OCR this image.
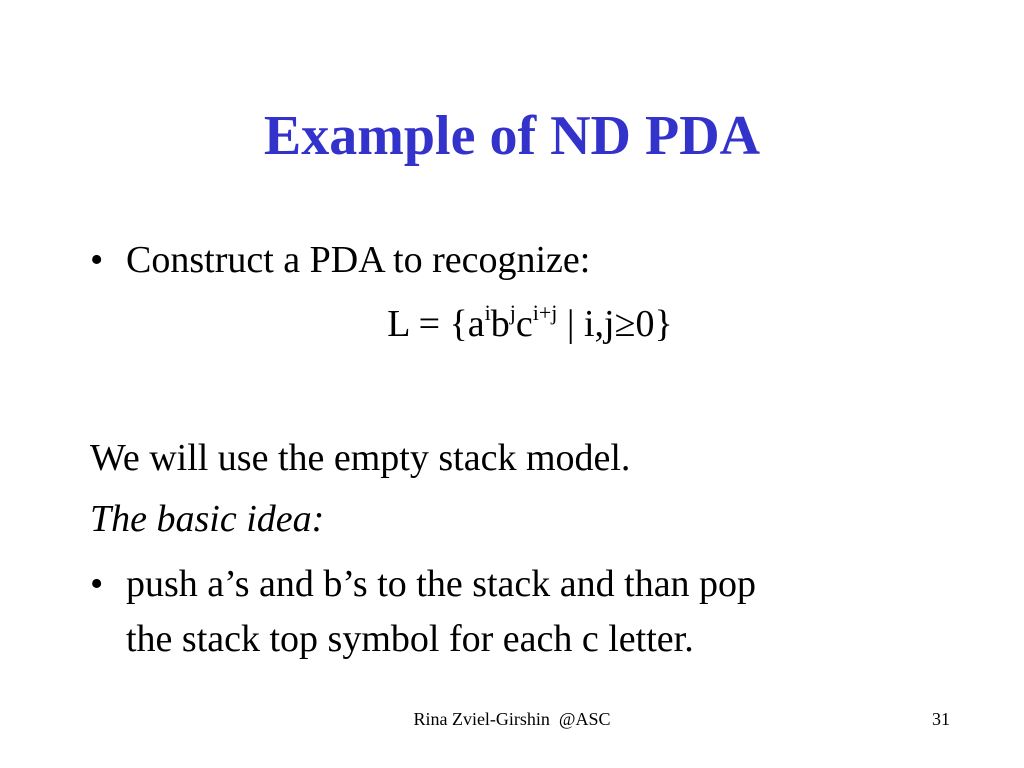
Example of ND PDA
• Construct a PDA to recognize:
$L = \{a^ib^jc^{i+j}$ | i,j≥0}
We will use the empty stack model.
The basic idea:
• push a’s and b’s to the stack and than pop
the stack top symbol for each c letter.
Rina Zviel-Girshin  @ASC	31
